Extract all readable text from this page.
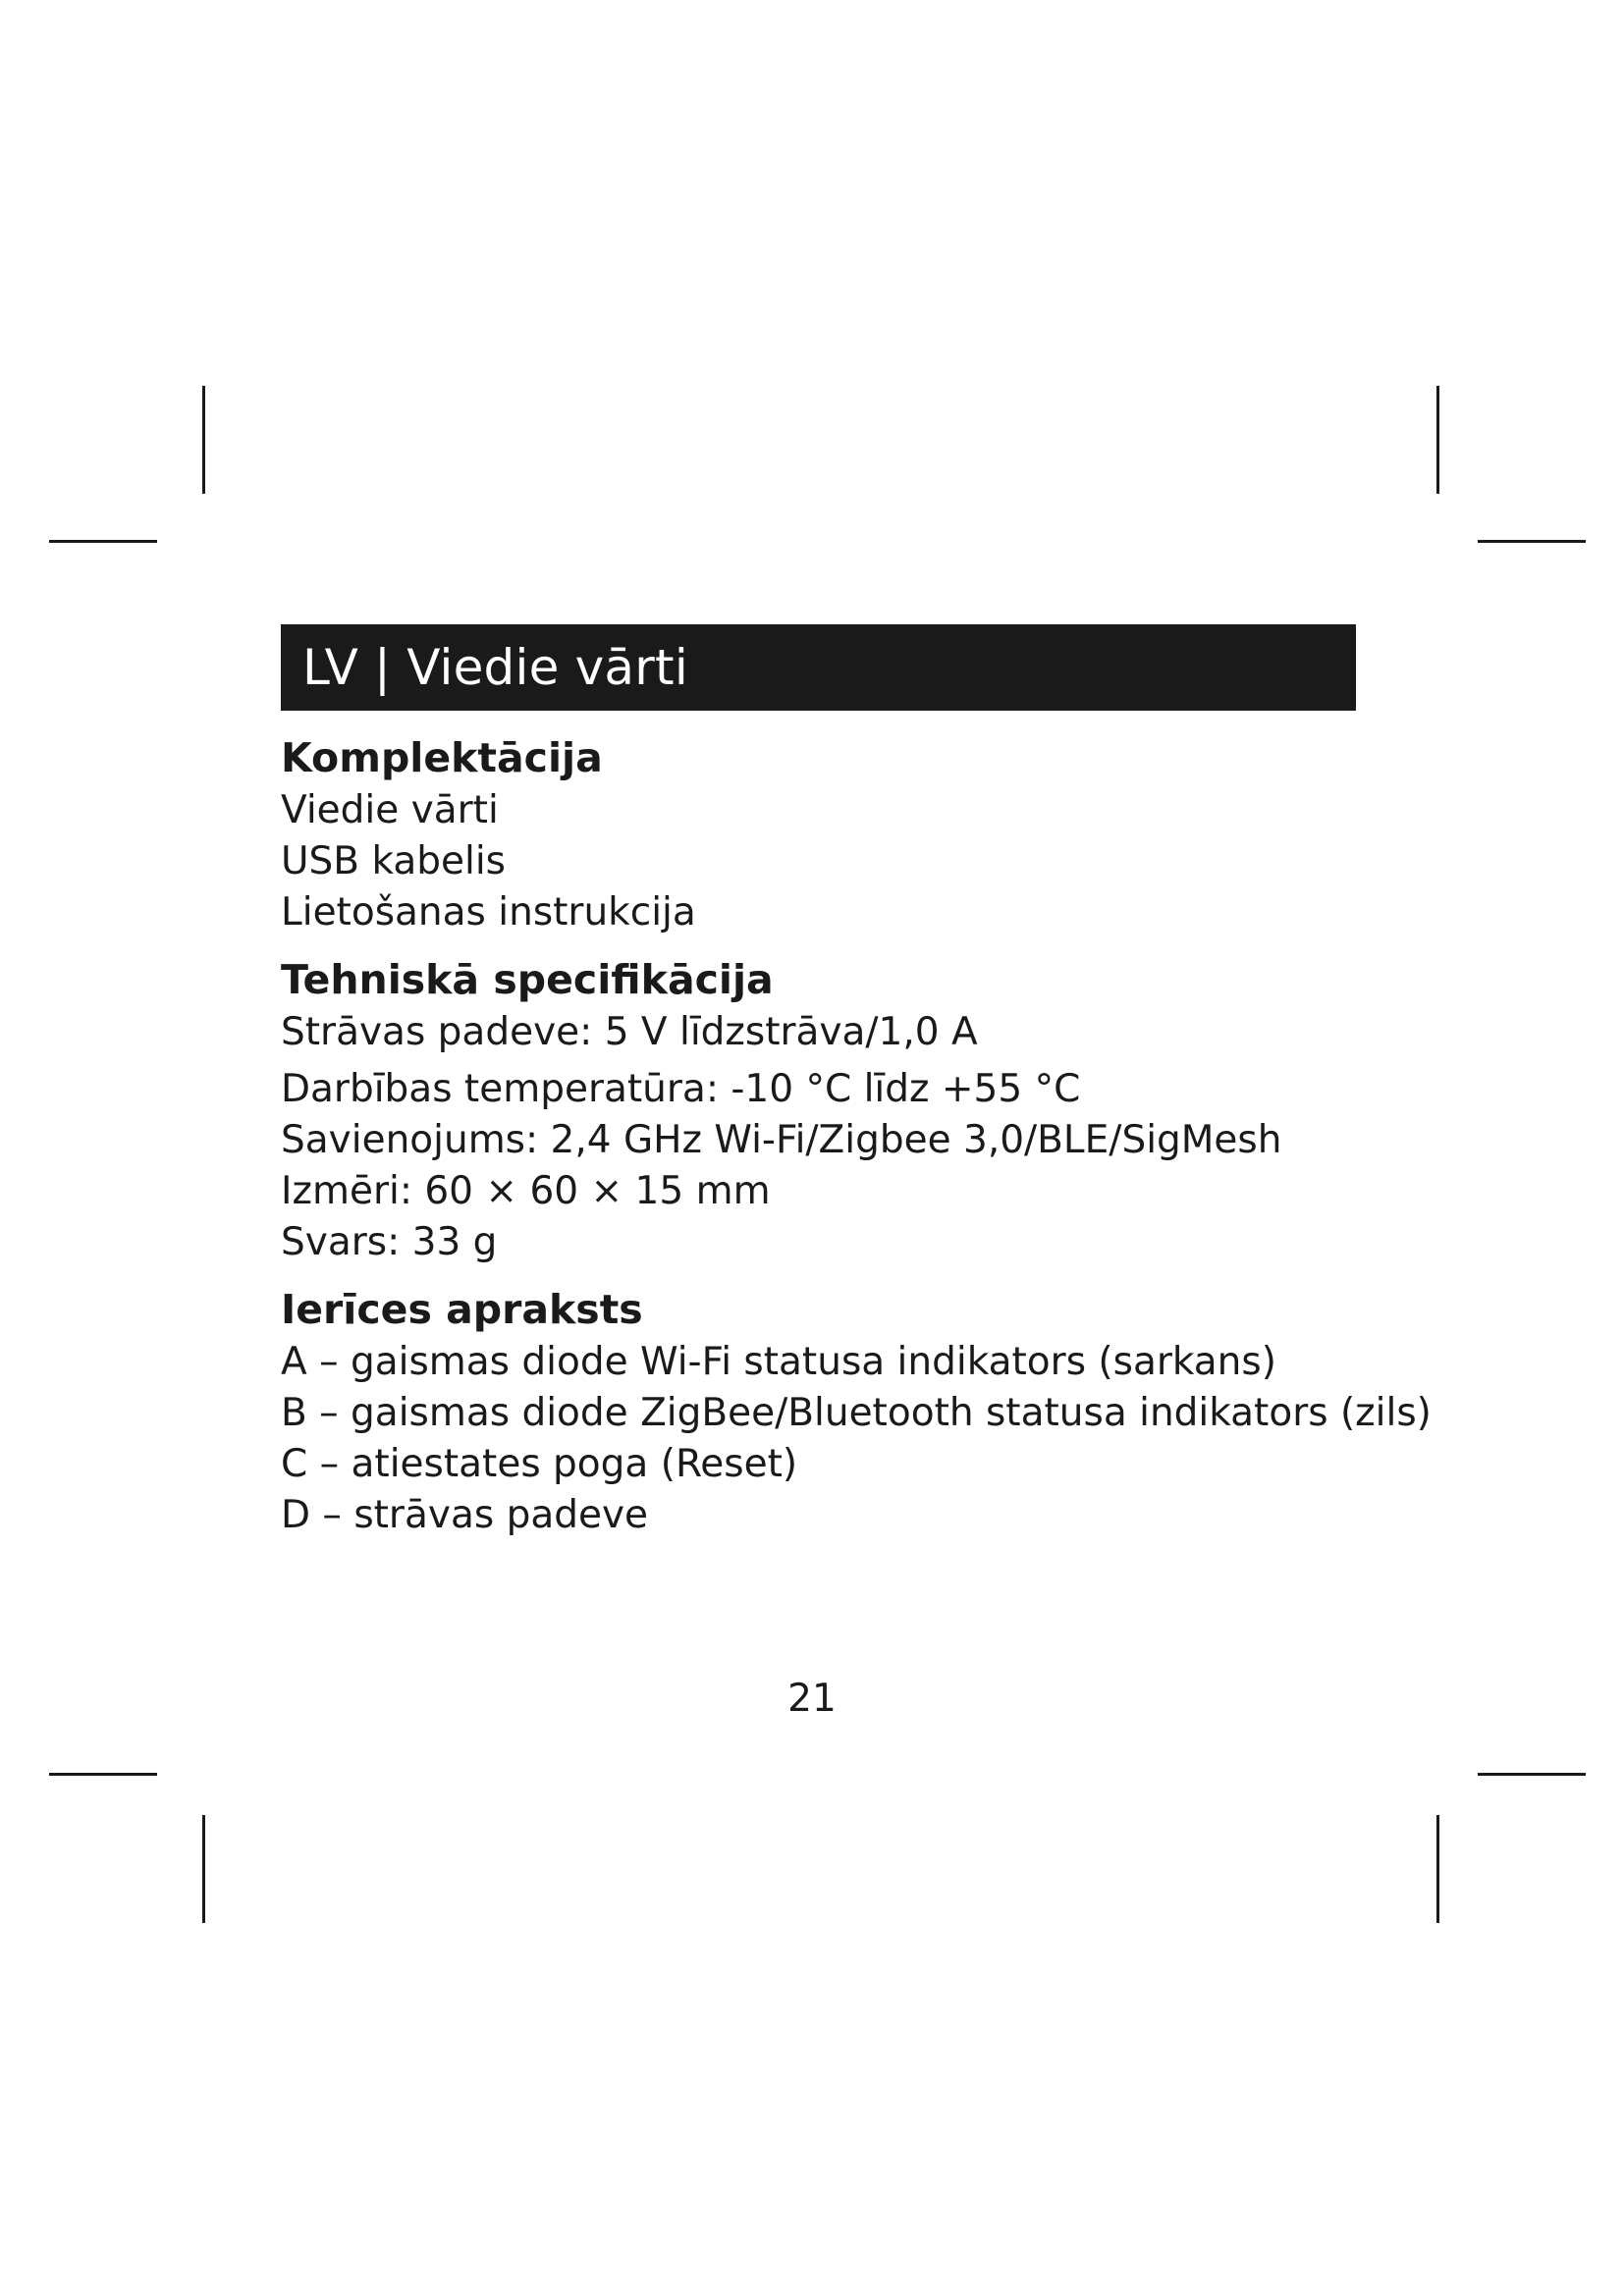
LV | Viedie vārti

Komplektācija

Viedie vārti

USB kabelis

Lietošanas instrukcija

Tehniskā specifikācija

Strāvas padeve: 5 V līdzstrāva/1,0 A

Darbības temperatūra: -10 °C līdz +55 °C

Savienojums: 2,4 GHz Wi-Fi/Zigbee 3,0/BLE/SigMesh

Izmēri: 60 × 60 × 15 mm

Svars: 33 g

Ierīces apraksts

A – gaismas diode Wi-Fi statusa indikators (sarkans)

B – gaismas diode ZigBee/Bluetooth statusa indikators (zils)

C – atiestates poga (Reset)

D – strāvas padeve

21
